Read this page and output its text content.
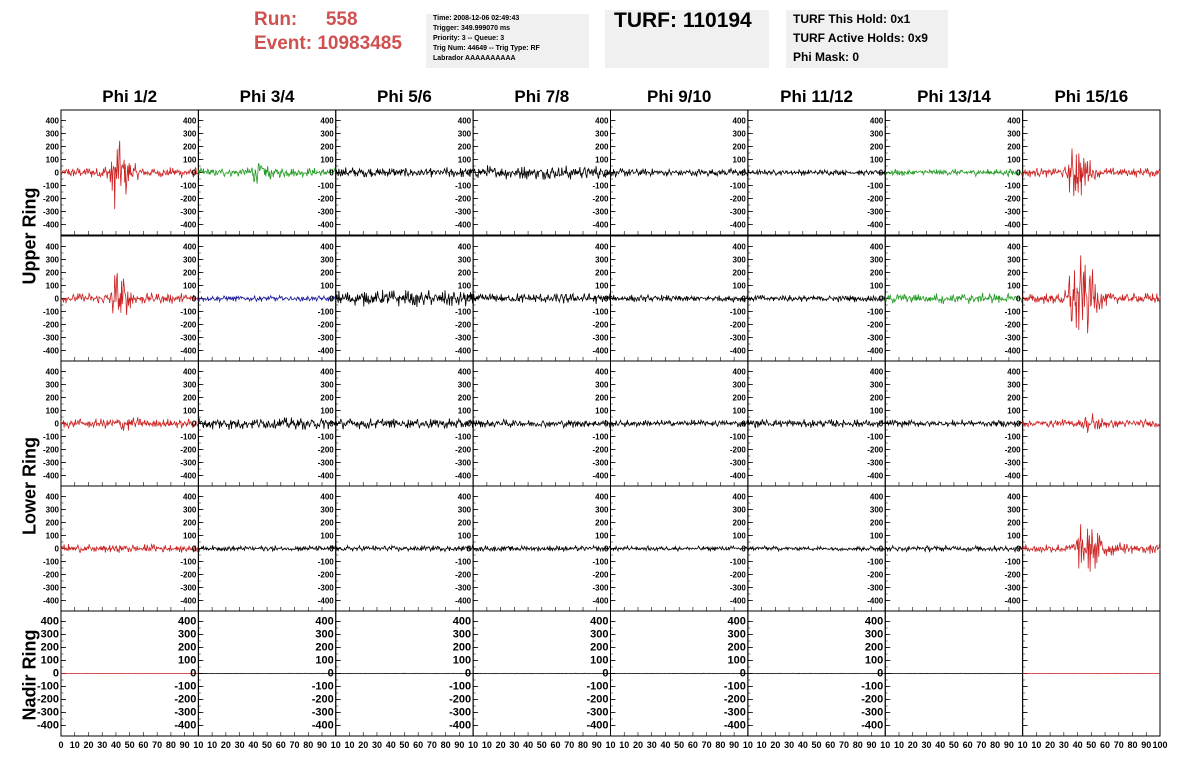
Run: 558
Event: 10983485
Time: 2008-12-06 02:49:43
Trigger: 349.999070 ms
Priority: 3 -- Queue: 3
Trig Num: 44649 -- Trig Type: RF
Labrador AAAAAAAAAA
TURF: 110194	TURF This Hold: 0x1
TURF Active Holds: 0x9
Phi Mask: 0
Phi 1/2	Phi 3/4	Phi 5/6	Phi 7/8	Phi 9/10	Phi 11/12	Phi 13/14	Phi 15/16
Upper Ring
Lower Ring
Nadir Ring
-400
-300
-200
-100
0
100
200
300
400
-400
-300
-200
-100
0
100
200
300
400
-400
-300
-200
-100
0
100
200
300
400
-400
-300
-200
-100
0
100
200
300
400
-400
-300
-200
-100
0
100
200
300
400
-400
-300
-200
-100
0
100
200
300
400
-400
-300
-200
-100
0
100
200
300
400
-400
-300
-200
-100
0
100
200
300
400
-400
-300
-200
-100
0
100
200
300
400
-400
-300
-200
-100
0
100
200
300
400
-400
-300
-200
-100
0
100
200
300
400
-400
-300
-200
-100
0
100
200
300
400
-400
-300
-200
-100
0
100
200
300
400
-400
-300
-200
-100
0
100
200
300
400
-400
-300
-200
-100
0
100
200
300
400
-400
-300
-200
-100
0
100
200
300
400
-400
-300
-200
-100
0
100
200
300
400
-400
-300
-200
-100
0
100
200
300
400
-400
-300
-200
-100
0
100
200
300
400
-400
-300
-200
-100
0
100
200
300
400
-400
-300
-200
-100
0
100
200
300
400
-400
-300
-200
-100
0
100
200
300
400
-400
-300
-200
-100
0
100
200
300
400
-400
-300
-200
-100
0
100
200
300
400
-400
-300
-200
-100
0
100
200
300
400
-400
-300
-200
-100
0
100
200
300
400
-400
-300
-200
-100
0
100
200
300
400
-400
-300
-200
-100
0
100
200
300
400
-400
-300
-200
-100
0
100
200
300
400
-400
-300
-200
-100
0
100
200
300
400
-400
-300
-200
-100
0
100
200
300
400
-400
-300
-200
-100
0
100
200
300
400
-400
-300
-200
-100
0
100
200
300
400
-400
-300
-200
-100
0
100
200
300
400
-400
-300
-200
-100
0
100
200
300
400
-400
-300
-200
-100
0
100
200
300
400
-400
-300
-200
-100
0
100
200
300
400
-400
-300
-200
-100
0
100
200
300
400
-400
-300
-200
-100
0
100
200
300
400
0 10 20 30 40 50 60 70 80 90 10 10 20 30 40 50 60 70 80 90 10 10 20 30 40 50 60 70 80 90 10 10 20 30 40 50 60 70 80 90 10 10 20 30 40 50 60 70 80 90 10 10 20 30 40 50 60 70 80 90 10 10 20 30 40 50 60 70 80 90 10 10 20 30 40 50 60 70 80 90 100
